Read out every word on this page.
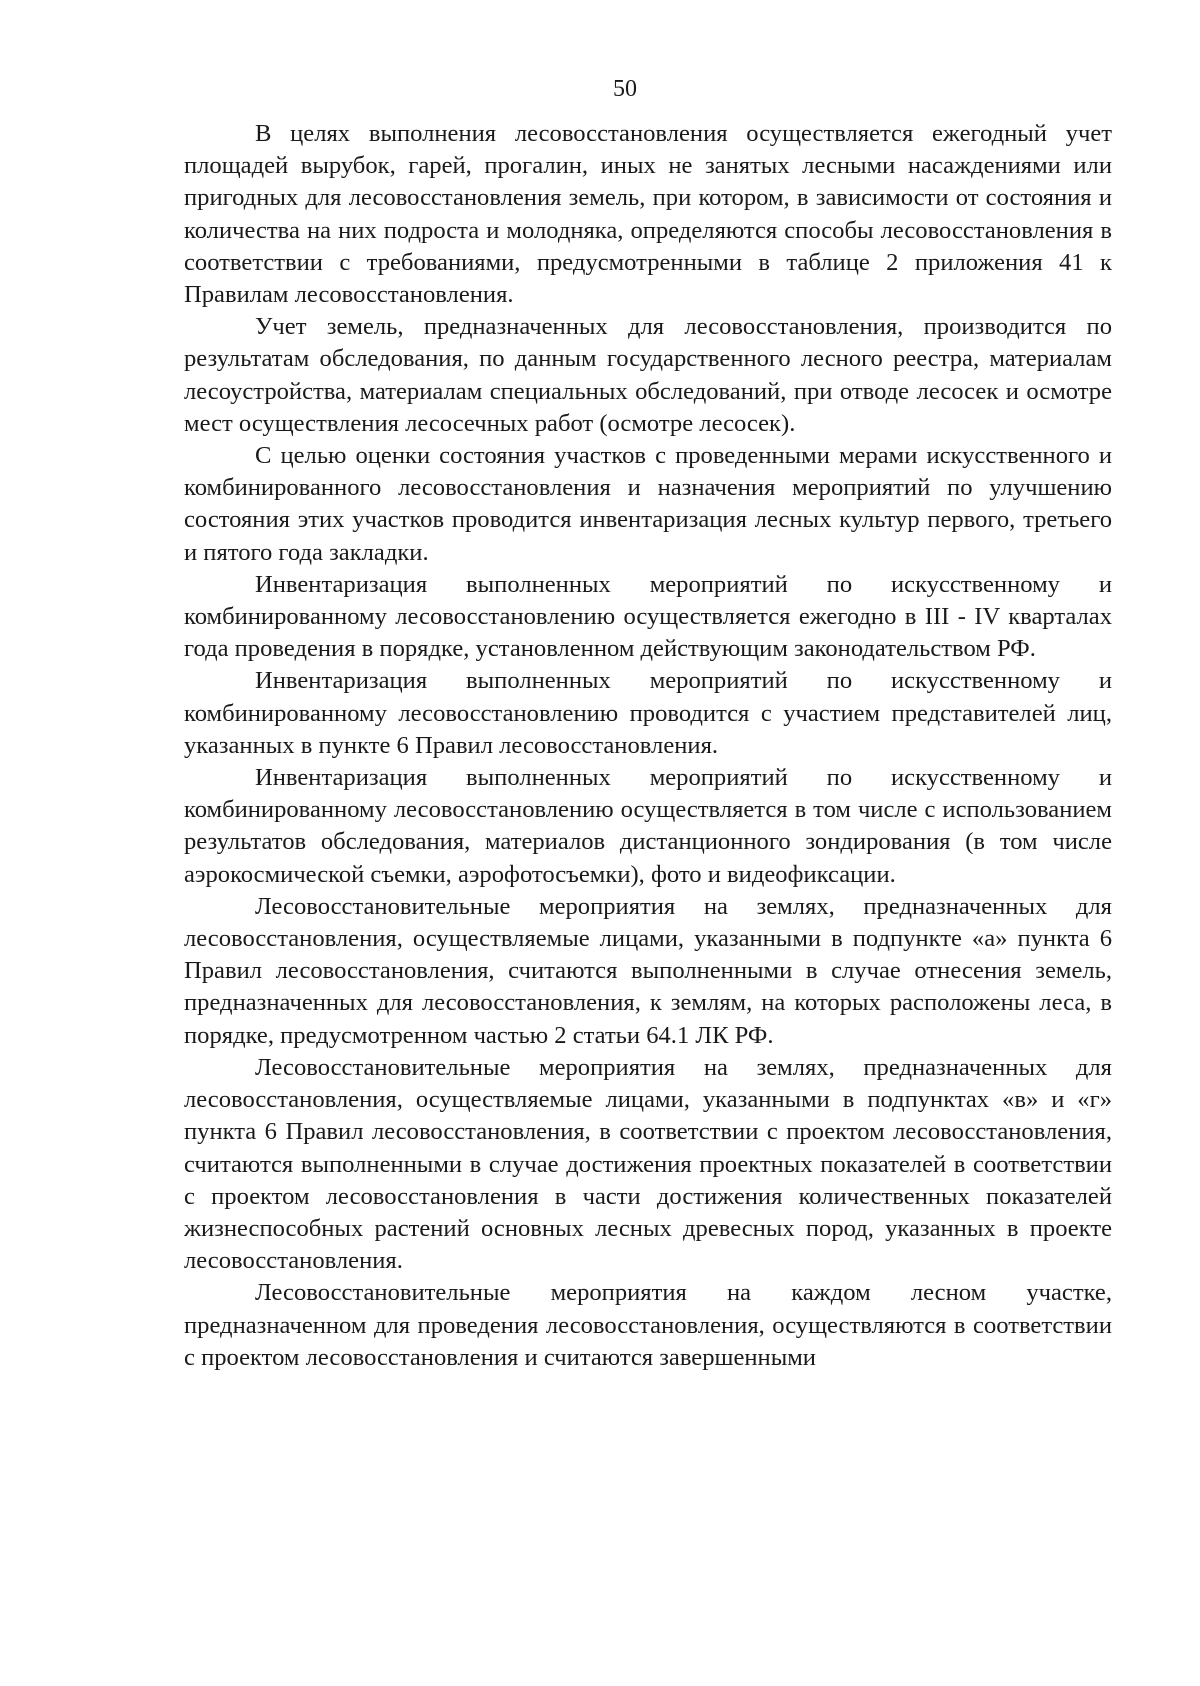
50

В целях выполнения лесовосстановления осуществляется ежегодный учет площадей вырубок, гарей, прогалин, иных не занятых лесными насаждениями или пригодных для лесовосстановления земель, при котором, в зависимости от состояния и количества на них подроста и молодняка, определяются способы лесовосстановления в соответствии с требованиями, предусмотренными в таблице 2 приложения 41 к Правилам лесовосстановления.

Учет земель, предназначенных для лесовосстановления, производится по результатам обследования, по данным государственного лесного реестра, материалам лесоустройства, материалам специальных обследований, при отводе лесосек и осмотре мест осуществления лесосечных работ (осмотре лесосек).

С целью оценки состояния участков с проведенными мерами искусственного и комбинированного лесовосстановления и назначения мероприятий по улучшению состояния этих участков проводится инвентаризация лесных культур первого, третьего и пятого года закладки.

Инвентаризация выполненных мероприятий по искусственному и комбинированному лесовосстановлению осуществляется ежегодно в III - IV кварталах года проведения в порядке, установленном действующим законодательством РФ.

Инвентаризация выполненных мероприятий по искусственному и комбинированному лесовосстановлению проводится с участием представителей лиц, указанных в пункте 6 Правил лесовосстановления.

Инвентаризация выполненных мероприятий по искусственному и комбинированному лесовосстановлению осуществляется в том числе с использованием результатов обследования, материалов дистанционного зондирования (в том числе аэрокосмической съемки, аэрофотосъемки), фото и видеофиксации.

Лесовосстановительные мероприятия на землях, предназначенных для лесовосстановления, осуществляемые лицами, указанными в подпункте «а» пункта 6 Правил лесовосстановления, считаются выполненными в случае отнесения земель, предназначенных для лесовосстановления, к землям, на которых расположены леса, в порядке, предусмотренном частью 2 статьи 64.1 ЛК РФ.

Лесовосстановительные мероприятия на землях, предназначенных для лесовосстановления, осуществляемые лицами, указанными в подпунктах «в» и «г» пункта 6 Правил лесовосстановления, в соответствии с проектом лесовосстановления, считаются выполненными в случае достижения проектных показателей в соответствии с проектом лесовосстановления в части достижения количественных показателей жизнеспособных растений основных лесных древесных пород, указанных в проекте лесовосстановления.

Лесовосстановительные мероприятия на каждом лесном участке, предназначенном для проведения лесовосстановления, осуществляются в соответствии с проектом лесовосстановления и считаются завершенными
